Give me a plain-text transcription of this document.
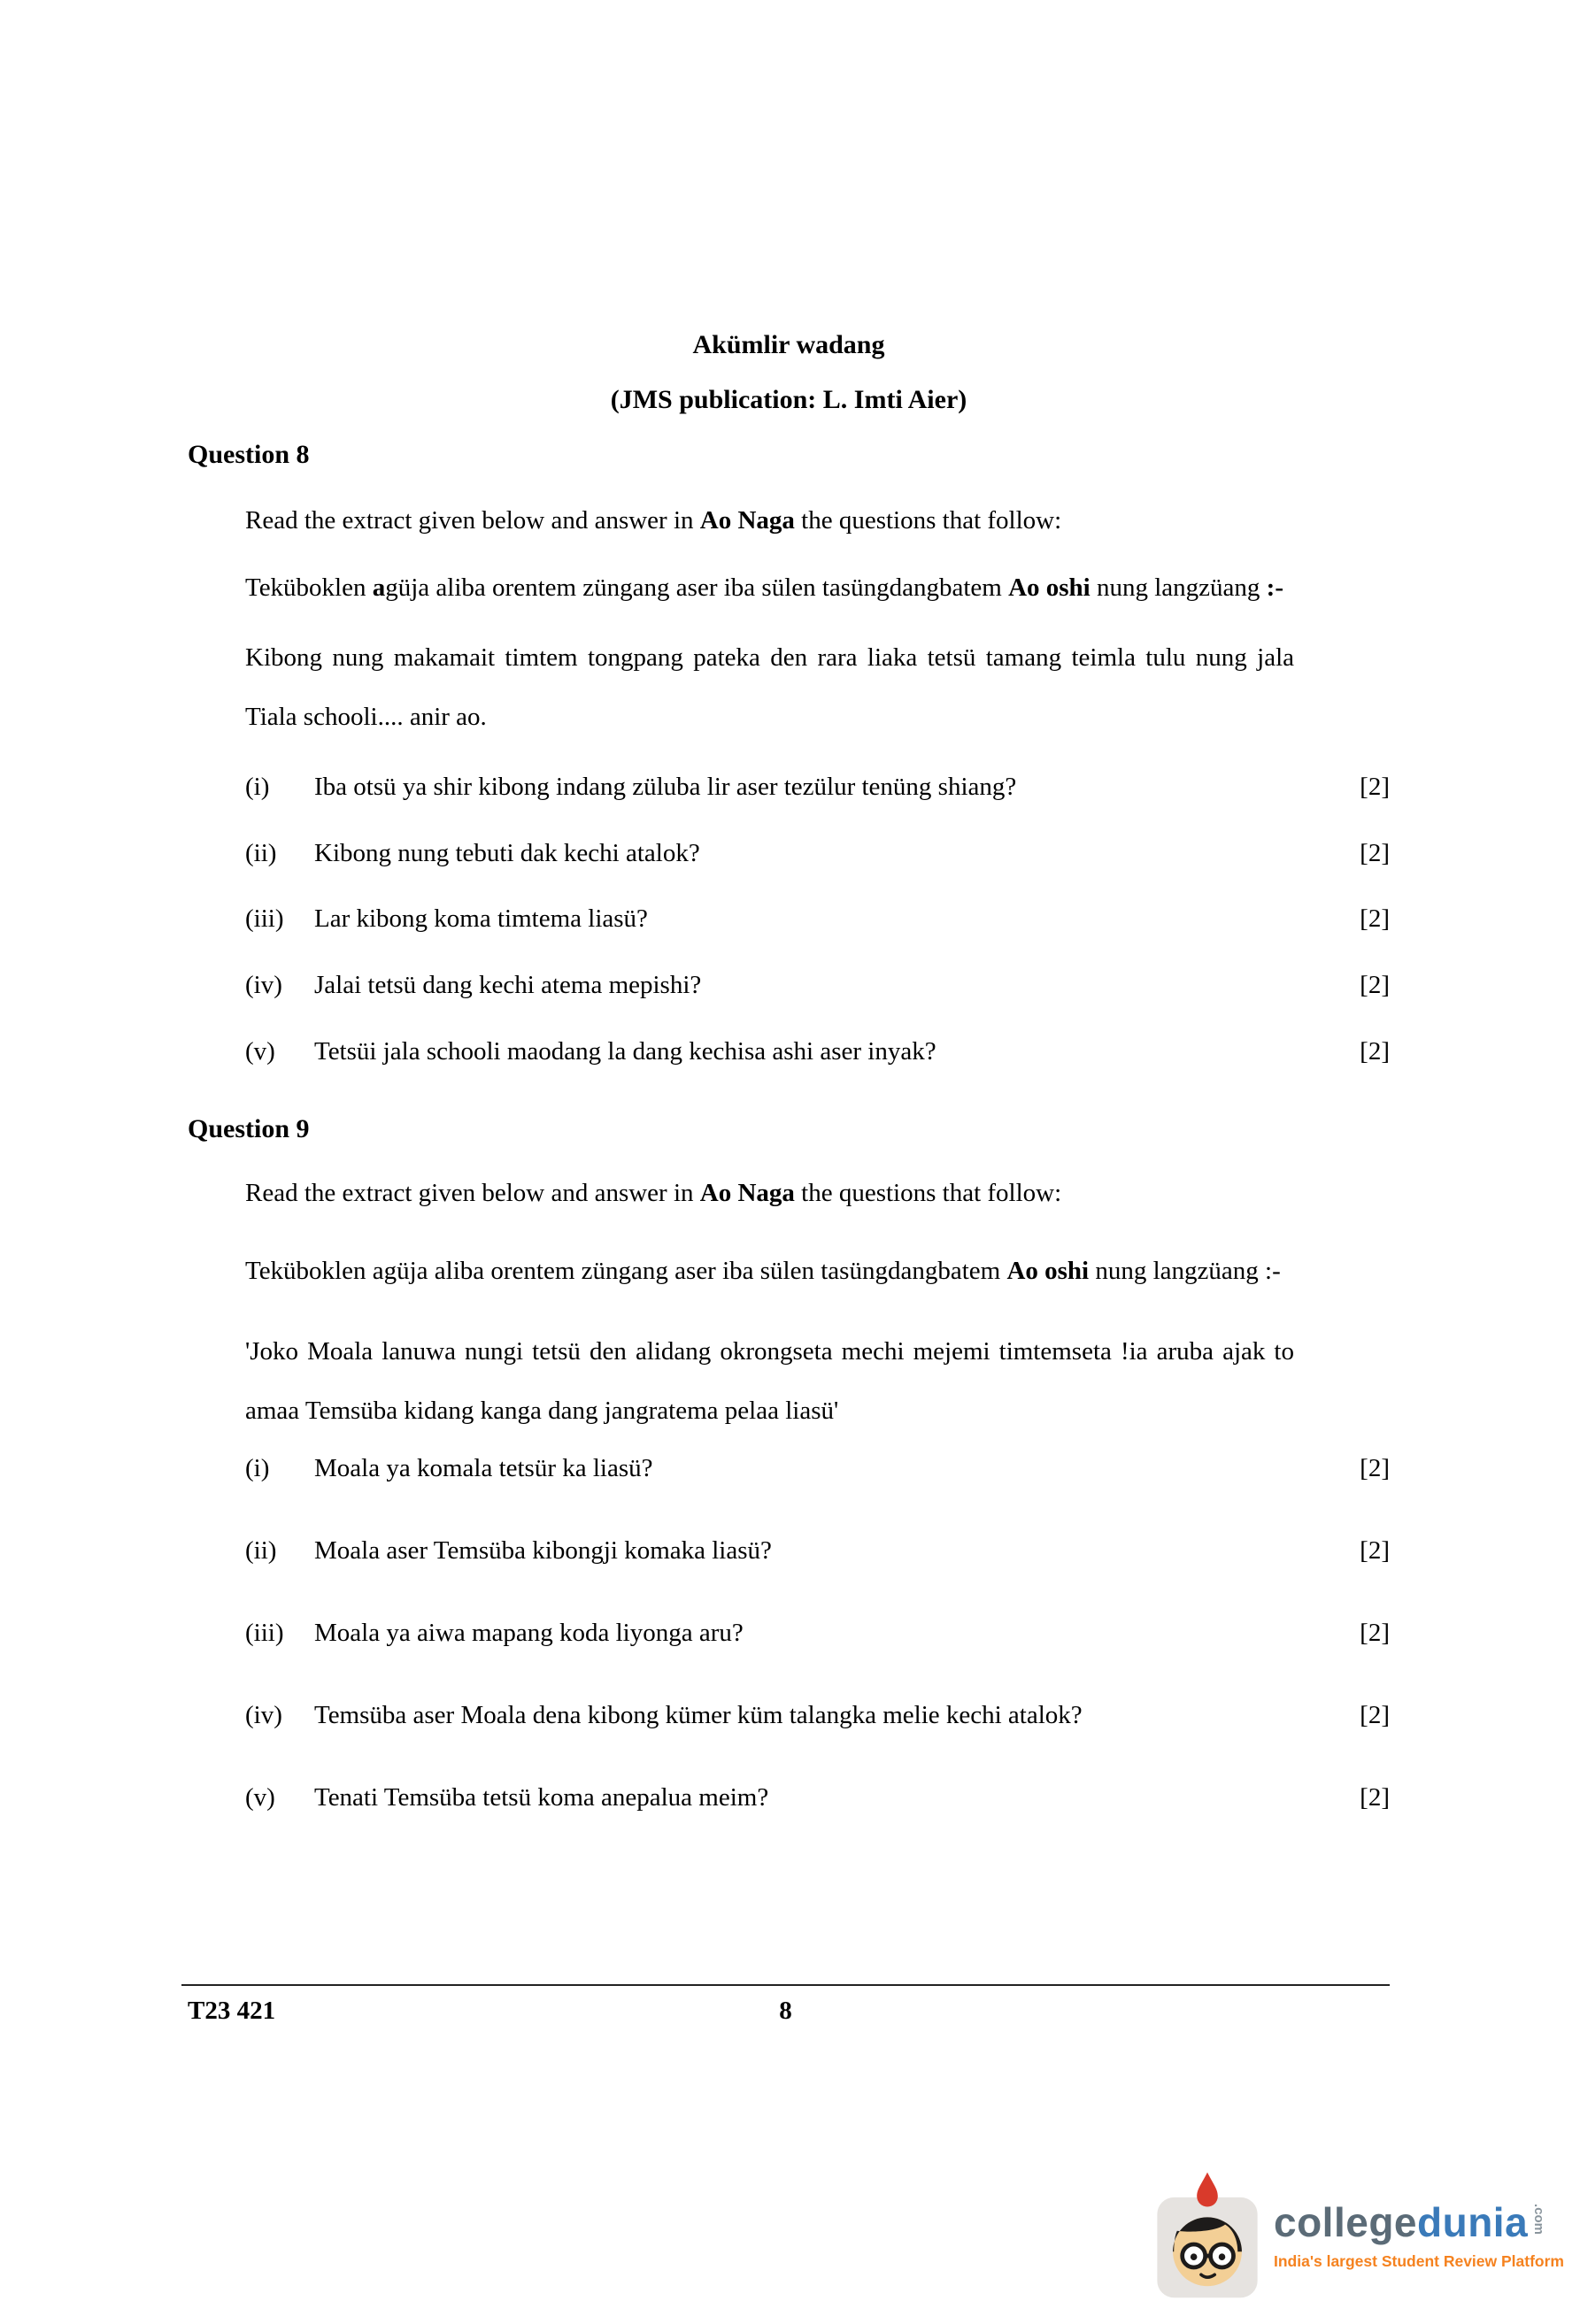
Akümlir wadang
(JMS publication: L. Imti Aier)
Question 8

Read the extract given below and answer in Ao Naga the questions that follow:

Teküboklen agüja aliba orentem züngang aser iba sülen tasüngdangbatem Ao oshi nung langzüang :-

Kibong nung makamait timtem tongpang pateka den rara liaka tetsü tamang teimla tulu nung jala Tiala schooli.... anir ao.

(i)	Iba otsü ya shir kibong indang züluba lir aser tezülur tenüng shiang?	[2]
(ii)	Kibong nung tebuti dak kechi atalok?	[2]
(iii)	Lar kibong koma timtema liasü?	[2]
(iv)	Jalai tetsü dang kechi atema mepishi?	[2]
(v)	Tetsüi jala schooli maodang la dang kechisa ashi aser inyak?	[2]
Question 9

Read the extract given below and answer in Ao Naga the questions that follow:

Teküboklen agüja aliba orentem züngang aser iba sülen tasüngdangbatem Ao oshi nung langzüang :-

'Joko Moala lanuwa nungi tetsü den alidang okrongseta mechi mejemi timtemseta !ia aruba ajak to amaa Temsüba kidang kanga dang jangratema pelaa liasü'

(i)	Moala ya komala tetsür ka liasü?	[2]
(ii)	Moala aser Temsüba kibongji komaka liasü?	[2]
(iii)	Moala ya aiwa mapang koda liyonga aru?	[2]
(iv)	Temsüba aser Moala dena kibong kümer küm talangka melie kechi atalok?	[2]
(v)	Tenati Temsüba tetsü koma anepalua meim?	[2]
T23 421	8
collegedunia .com
India's largest Student Review Platform
